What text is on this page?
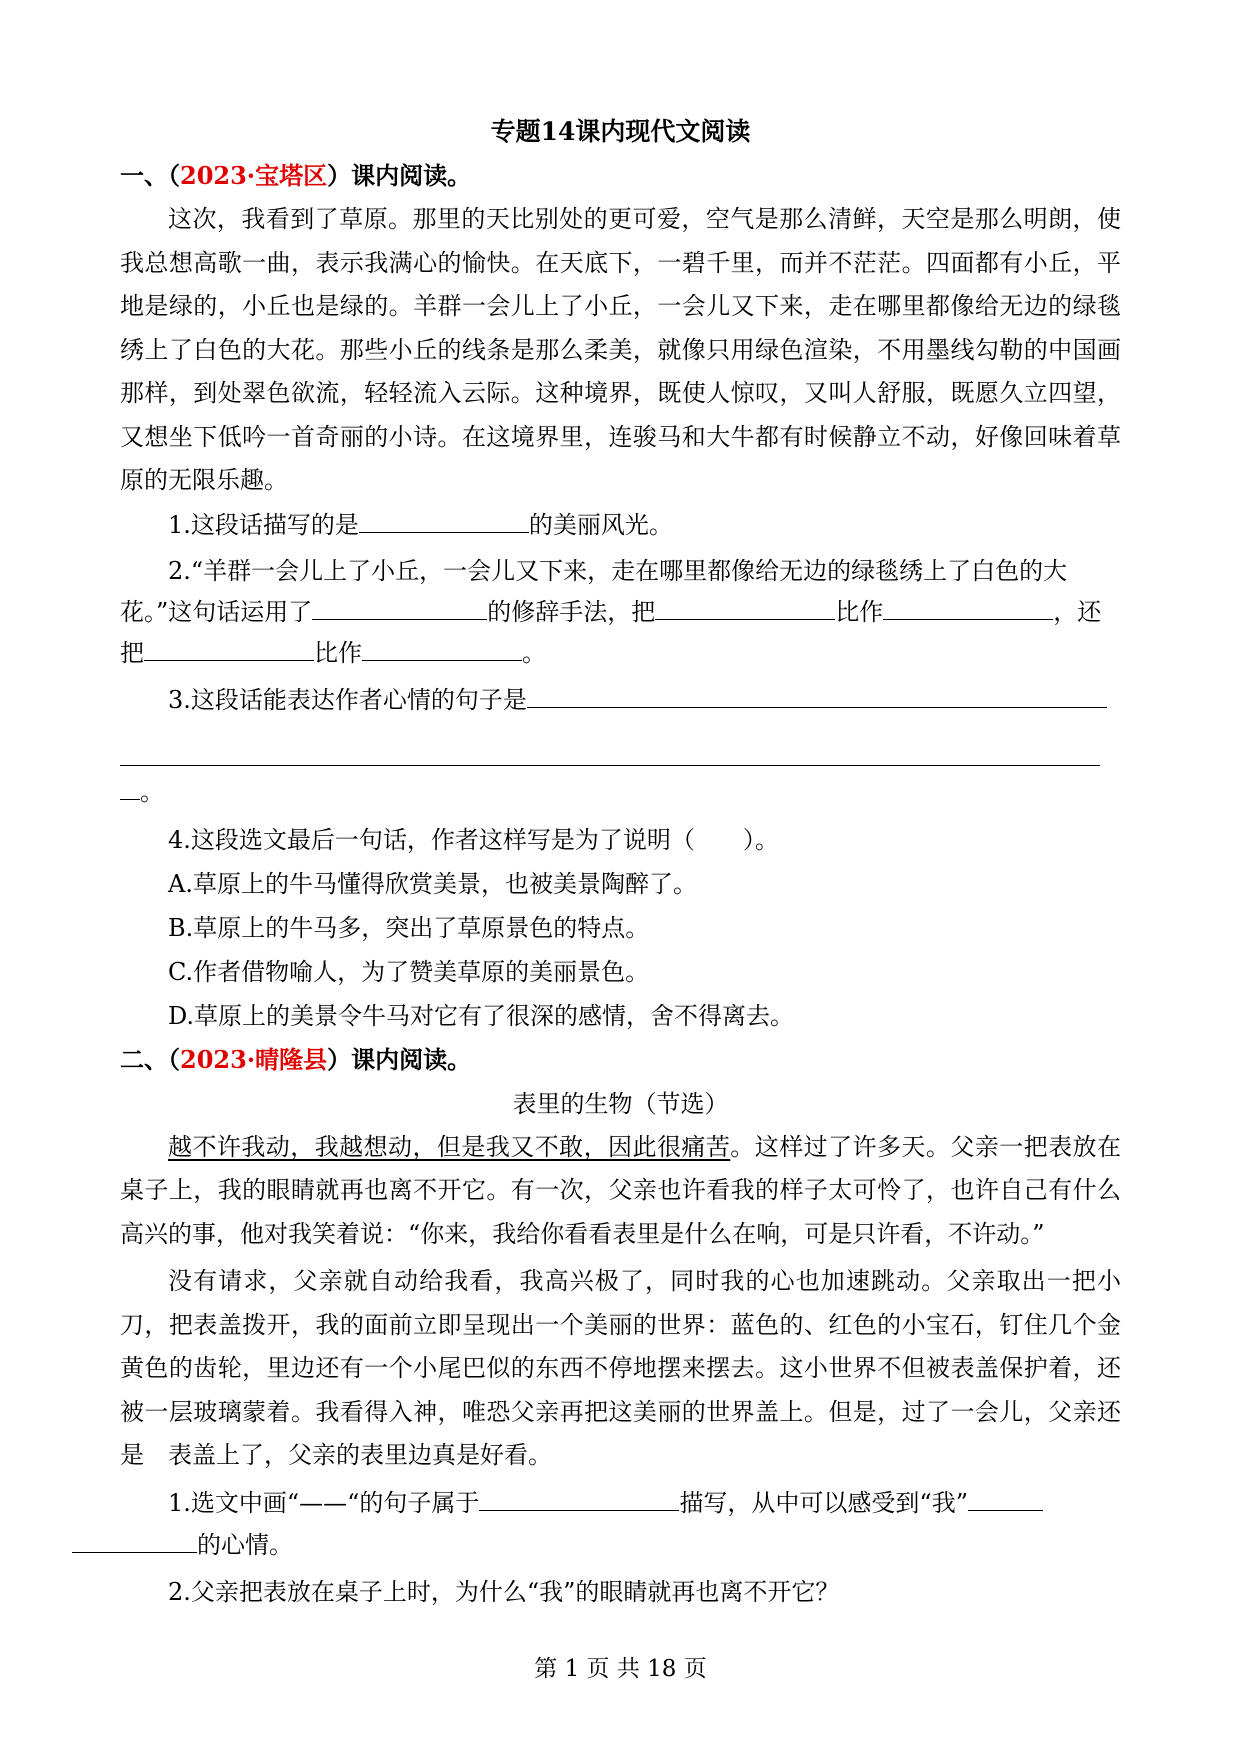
专题14课内现代文阅读
一、（2023·宝塔区）课内阅读。

这次，我看到了草原。那里的天比别处的更可爱，空气是那么清鲜，天空是那么明朗，使我总想高歌一曲，表示我满心的愉快。在天底下，一碧千里，而并不茫茫。四面都有小丘，平地是绿的，小丘也是绿的。羊群一会儿上了小丘，一会儿又下来，走在哪里都像给无边的绿毯绣上了白色的大花。那些小丘的线条是那么柔美，就像只用绿色渲染，不用墨线勾勒的中国画那样，到处翠色欲流，轻轻流入云际。这种境界，既使人惊叹，又叫人舒服，既愿久立四望，又想坐下低吟一首奇丽的小诗。在这境界里，连骏马和大牛都有时候静立不动，好像回味着草原的无限乐趣。

1.这段话描写的是	的美丽风光。

2.“羊群一会儿上了小丘，一会儿又下来，走在哪里都像给无边的绿毯绣上了白色的大花。”这句话运用了	的修辞手法，把	比作	，还把	比作	。

3.这段话能表达作者心情的句子是

。

4.这段选文最后一句话，作者这样写是为了说明（　　）。

A.草原上的牛马懂得欣赏美景，也被美景陶醉了。

B.草原上的牛马多，突出了草原景色的特点。

C.作者借物喻人，为了赞美草原的美丽景色。

D.草原上的美景令牛马对它有了很深的感情，舍不得离去。

二、（2023·晴隆县）课内阅读。
表里的生物（节选）

越不许我动，我越想动，但是我又不敢，因此很痛苦。这样过了许多天。父亲一把表放在桌子上，我的眼睛就再也离不开它。有一次，父亲也许看我的样子太可怜了，也许自己有什么高兴的事，他对我笑着说：“你来，我给你看看表里是什么在响，可是只许看，不许动。”

没有请求，父亲就自动给我看，我高兴极了，同时我的心也加速跳动。父亲取出一把小刀，把表盖拨开，我的面前立即呈现出一个美丽的世界：蓝色的、红色的小宝石，钉住几个金黄色的齿轮，里边还有一个小尾巴似的东西不停地摆来摆去。这小世界不但被表盖保护着，还被一层玻璃蒙着。我看得入神，唯恐父亲再把这美丽的世界盖上。但是，过了一会儿，父亲还是　表盖上了，父亲的表里边真是好看。

1.选文中画“——“的句子属于	描写，从中可以感受到“我”
的心情。

2.父亲把表放在桌子上时，为什么“我”的眼睛就再也离不开它？

第 1 页 共 18 页
